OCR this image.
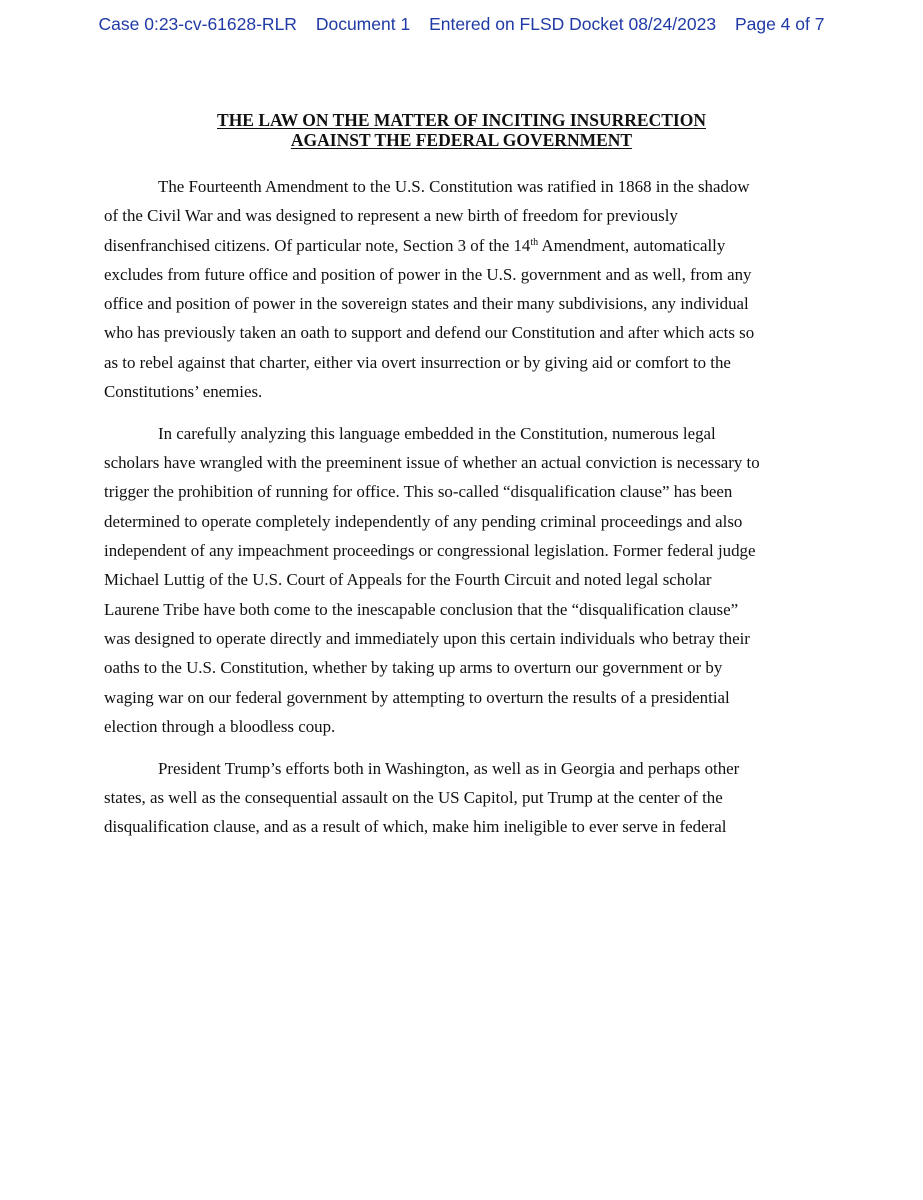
Case 0:23-cv-61628-RLR Document 1 Entered on FLSD Docket 08/24/2023 Page 4 of 7
THE LAW ON THE MATTER OF INCITING INSURRECTION
AGAINST THE FEDERAL GOVERNMENT
The Fourteenth Amendment to the U.S. Constitution was ratified in 1868 in the shadow
of the Civil War and was designed to represent a new birth of freedom for previously
disenfranchised citizens. Of particular note, Section 3 of the 14th Amendment, automatically
excludes from future office and position of power in the U.S. government and as well, from any
office and position of power in the sovereign states and their many subdivisions, any individual
who has previously taken an oath to support and defend our Constitution and after which acts so
as to rebel against that charter, either via overt insurrection or by giving aid or comfort to the
Constitutions’ enemies.
In carefully analyzing this language embedded in the Constitution, numerous legal
scholars have wrangled with the preeminent issue of whether an actual conviction is necessary to
trigger the prohibition of running for office. This so-called “disqualification clause” has been
determined to operate completely independently of any pending criminal proceedings and also
independent of any impeachment proceedings or congressional legislation. Former federal judge
Michael Luttig of the U.S. Court of Appeals for the Fourth Circuit and noted legal scholar
Laurene Tribe have both come to the inescapable conclusion that the “disqualification clause”
was designed to operate directly and immediately upon this certain individuals who betray their
oaths to the U.S. Constitution, whether by taking up arms to overturn our government or by
waging war on our federal government by attempting to overturn the results of a presidential
election through a bloodless coup.
President Trump’s efforts both in Washington, as well as in Georgia and perhaps other
states, as well as the consequential assault on the US Capitol, put Trump at the center of the
disqualification clause, and as a result of which, make him ineligible to ever serve in federal
